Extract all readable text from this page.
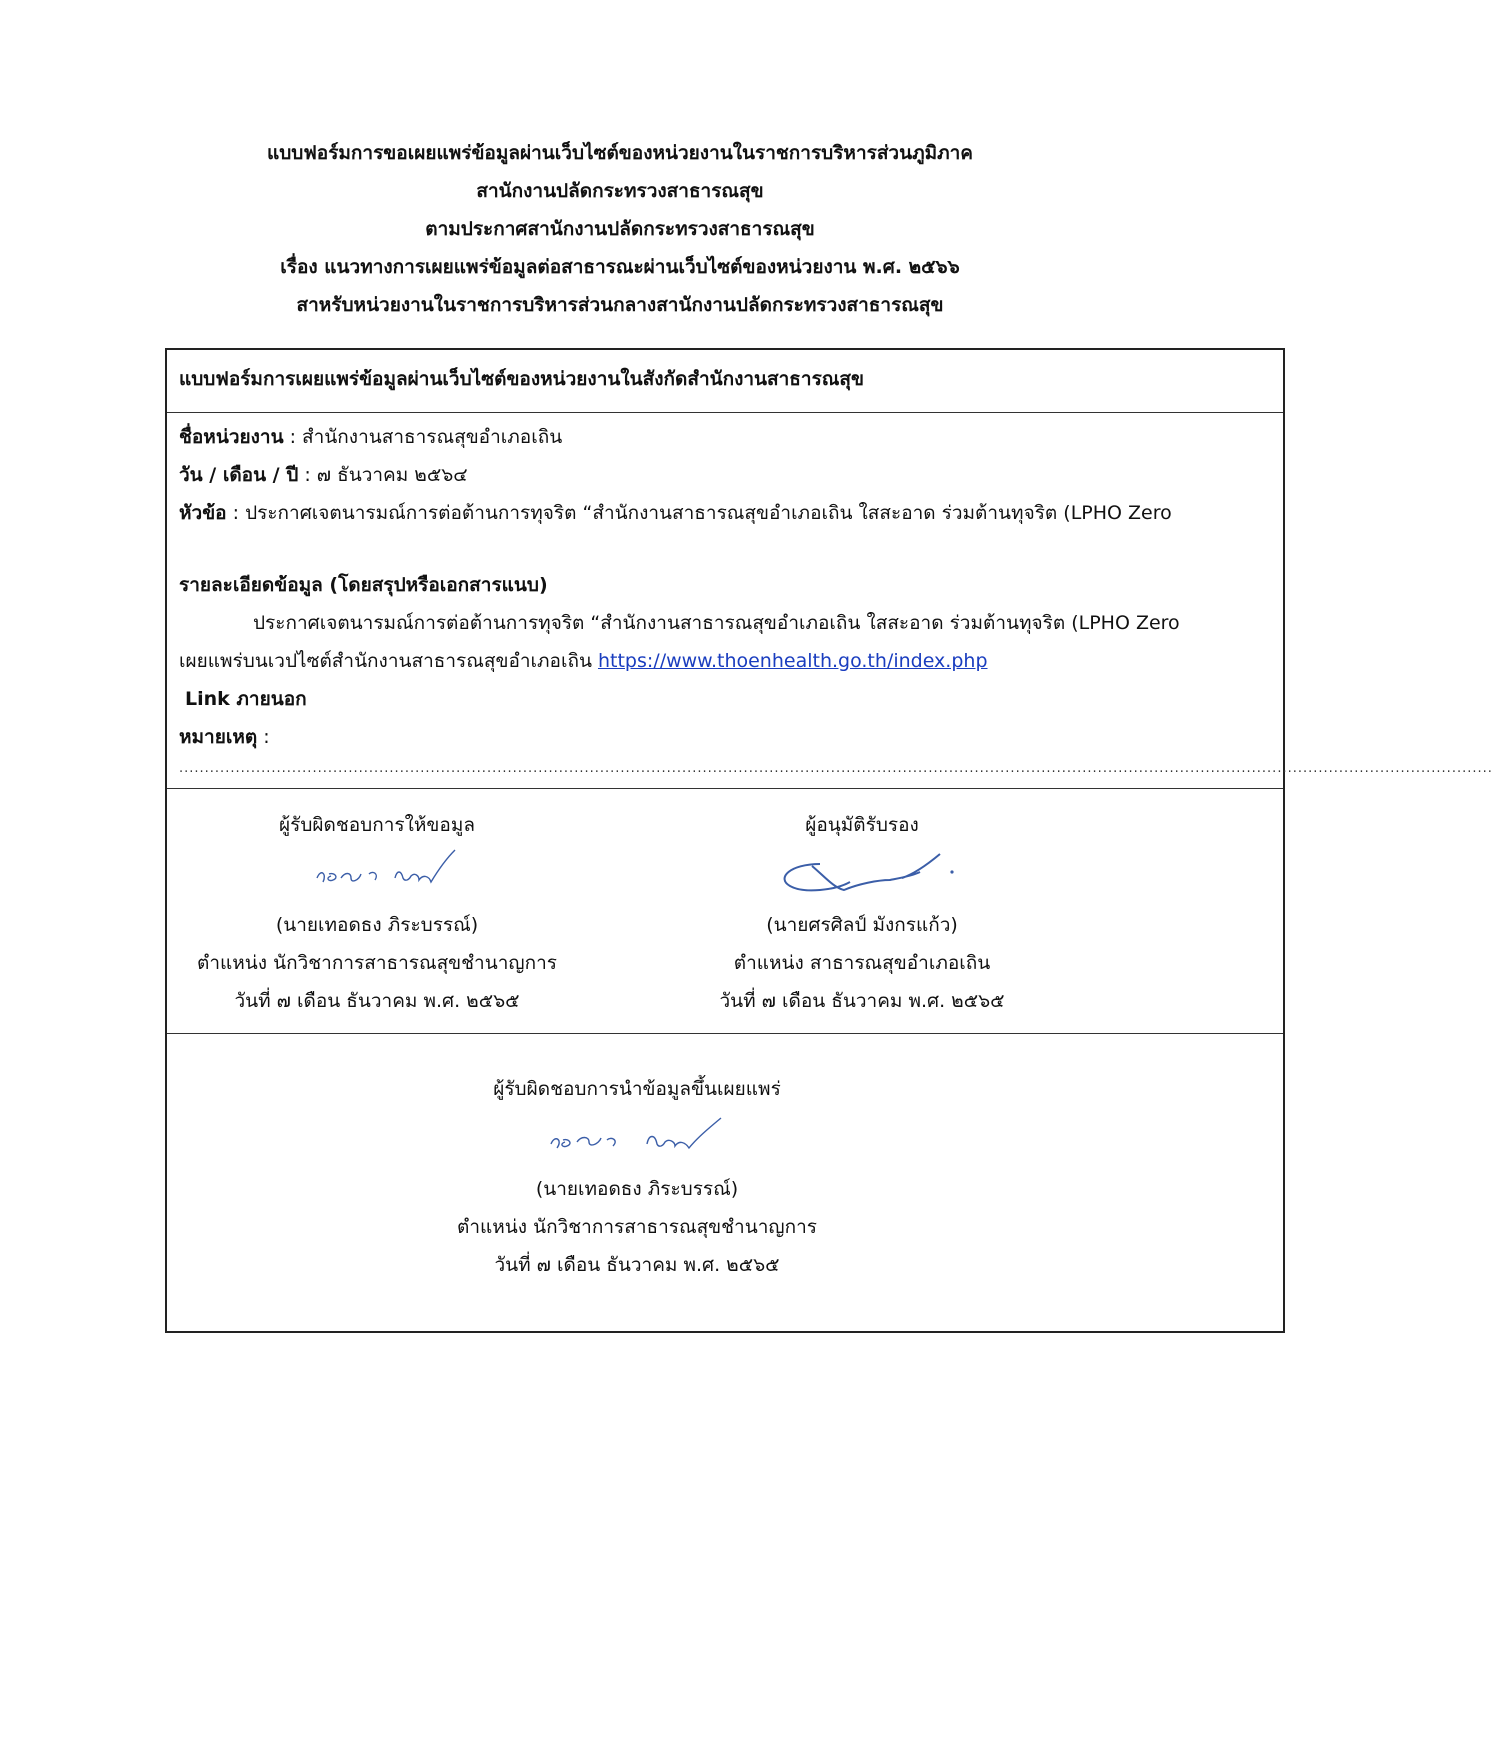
แบบฟอร์มการขอเผยแพร่ข้อมูลผ่านเว็บไซต์ของหน่วยงานในราชการบริหารส่วนภูมิภาค
สานักงานปลัดกระทรวงสาธารณสุข
ตามประกาศสานักงานปลัดกระทรวงสาธารณสุข
เรื่อง แนวทางการเผยแพร่ข้อมูลต่อสาธารณะผ่านเว็บไซต์ของหน่วยงาน พ.ศ. ๒๕๖๖
สาหรับหน่วยงานในราชการบริหารส่วนกลางสานักงานปลัดกระทรวงสาธารณสุข
แบบฟอร์มการเผยแพร่ข้อมูลผ่านเว็บไซต์ของหน่วยงานในสังกัดสำนักงานสาธารณสุข
ชื่อหน่วยงาน : สำนักงานสาธารณสุขอำเภอเถิน
วัน / เดือน / ปี : ๗ ธันวาคม ๒๕๖๔
หัวข้อ : ประกาศเจตนารมณ์การต่อต้านการทุจริต “สำนักงานสาธารณสุขอำเภอเถิน ใสสะอาด ร่วมต้านทุจริต (LPHO Zero
รายละเอียดข้อมูล (โดยสรุปหรือเอกสารแนบ)
ประกาศเจตนารมณ์การต่อต้านการทุจริต “สำนักงานสาธารณสุขอำเภอเถิน ใสสะอาด ร่วมต้านทุจริต (LPHO Zero
เผยแพร่บนเวปไซต์สำนักงานสาธารณสุขอำเภอเถิน https://www.thoenhealth.go.th/index.php
Link ภายนอก
หมายเหตุ :
................................................................................................................................................................................................................................................................
ผู้รับผิดชอบการให้ขอมูล
(นายเทอดธง ภิระบรรณ์)
ตำแหน่ง นักวิชาการสาธารณสุขชำนาญการ
วันที่ ๗ เดือน ธันวาคม พ.ศ. ๒๕๖๕
ผู้อนุมัติรับรอง
(นายศรศิลป์ มังกรแก้ว)
ตำแหน่ง สาธารณสุขอำเภอเถิน
วันที่ ๗ เดือน ธันวาคม พ.ศ. ๒๕๖๕
ผู้รับผิดชอบการนำข้อมูลขึ้นเผยแพร่
(นายเทอดธง ภิระบรรณ์)
ตำแหน่ง นักวิชาการสาธารณสุขชำนาญการ
วันที่ ๗ เดือน ธันวาคม พ.ศ. ๒๕๖๕
